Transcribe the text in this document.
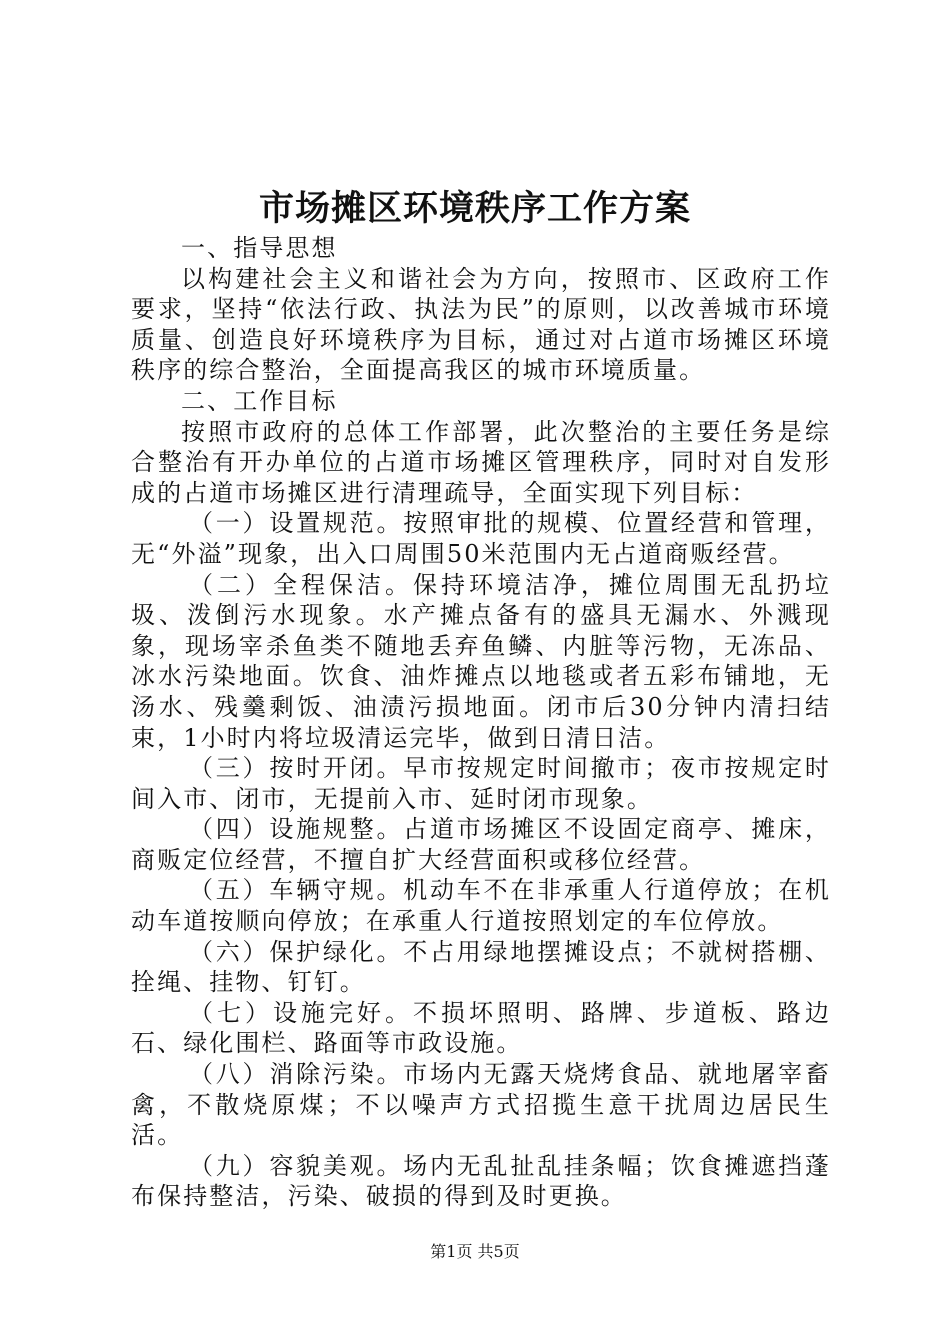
市场摊区环境秩序工作方案

一、指导思想

以构建社会主义和谐社会为方向，按照市、区政府工作要求，坚持“依法行政、执法为民”的原则，以改善城市环境质量、创造良好环境秩序为目标，通过对占道市场摊区环境秩序的综合整治，全面提高我区的城市环境质量。

二、工作目标

按照市政府的总体工作部署，此次整治的主要任务是综合整治有开办单位的占道市场摊区管理秩序，同时对自发形成的占道市场摊区进行清理疏导，全面实现下列目标：

（一）设置规范。按照审批的规模、位置经营和管理，无“外溢”现象，出入口周围50米范围内无占道商贩经营。

（二）全程保洁。保持环境洁净，摊位周围无乱扔垃圾、泼倒污水现象。水产摊点备有的盛具无漏水、外溅现象，现场宰杀鱼类不随地丢弃鱼鳞、内脏等污物，无冻品、冰水污染地面。饮食、油炸摊点以地毯或者五彩布铺地，无汤水、残羹剩饭、油渍污损地面。闭市后30分钟内清扫结束，1小时内将垃圾清运完毕，做到日清日洁。

（三）按时开闭。早市按规定时间撤市；夜市按规定时间入市、闭市，无提前入市、延时闭市现象。

（四）设施规整。占道市场摊区不设固定商亭、摊床，商贩定位经营，不擅自扩大经营面积或移位经营。

（五）车辆守规。机动车不在非承重人行道停放；在机动车道按顺向停放；在承重人行道按照划定的车位停放。

（六）保护绿化。不占用绿地摆摊设点；不就树搭棚、拴绳、挂物、钉钉。

（七）设施完好。不损坏照明、路牌、步道板、路边石、绿化围栏、路面等市政设施。

（八）消除污染。市场内无露天烧烤食品、就地屠宰畜禽，不散烧原煤；不以噪声方式招揽生意干扰周边居民生活。

（九）容貌美观。场内无乱扯乱挂条幅；饮食摊遮挡蓬布保持整洁，污染、破损的得到及时更换。

第1页 共5页
